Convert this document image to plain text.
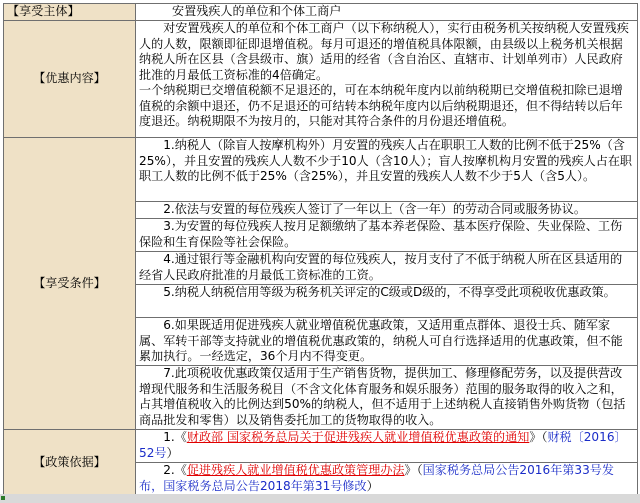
【享受主体】	安置残疾人的单位和个体工商户
【优惠内容】	对安置残疾人的单位和个体工商户（以下称纳税人），实行由税务机关按纳税人安置残疾人的人数，限额即征即退增值税。每月可退还的增值税具体限额，由县级以上税务机关根据纳税人所在区县（含县级市、旗）适用的经省（含自治区、直辖市、计划单列市）人民政府批准的月最低工资标准的4倍确定。

一个纳税期已交增值税额不足退还的，可在本纳税年度内以前纳税期已交增值税扣除已退增值税的余额中退还，仍不足退还的可结转本纳税年度内以后纳税期退还，但不得结转以后年度退还。纳税期限不为按月的，只能对其符合条件的月份退还增值税。

【享受条件】	1.纳税人（除盲人按摩机构外）月安置的残疾人占在职职工人数的比例不低于25%（含25%），并且安置的残疾人人数不少于10人（含10人）；盲人按摩机构月安置的残疾人占在职职工人数的比例不低于25%（含25%），并且安置的残疾人人数不少于5人（含5人）。
	2.依法与安置的每位残疾人签订了一年以上（含一年）的劳动合同或服务协议。
	3.为安置的每位残疾人按月足额缴纳了基本养老保险、基本医疗保险、失业保险、工伤保险和生育保险等社会保险。
	4.通过银行等金融机构向安置的每位残疾人，按月支付了不低于纳税人所在区县适用的经省人民政府批准的月最低工资标准的工资。
	5.纳税人纳税信用等级为税务机关评定的C级或D级的，不得享受此项税收优惠政策。
	6.如果既适用促进残疾人就业增值税优惠政策，又适用重点群体、退役士兵、随军家属、军转干部等支持就业的增值税优惠政策的，纳税人可自行选择适用的优惠政策，但不能累加执行。一经选定，36个月内不得变更。
	7.此项税收优惠政策仅适用于生产销售货物，提供加工、修理修配劳务，以及提供营改增现代服务和生活服务税目（不含文化体育服务和娱乐服务）范围的服务取得的收入之和，占其增值税收入的比例达到50%的纳税人，但不适用于上述纳税人直接销售外购货物（包括商品批发和零售）以及销售委托加工的货物取得的收入。
【政策依据】	1.《财政部 国家税务总局关于促进残疾人就业增值税优惠政策的通知》（财税〔2016〕52号）
	2.《促进残疾人就业增值税优惠政策管理办法》（国家税务总局公告2016年第33号发布，国家税务总局公告2018年第31号修改）
